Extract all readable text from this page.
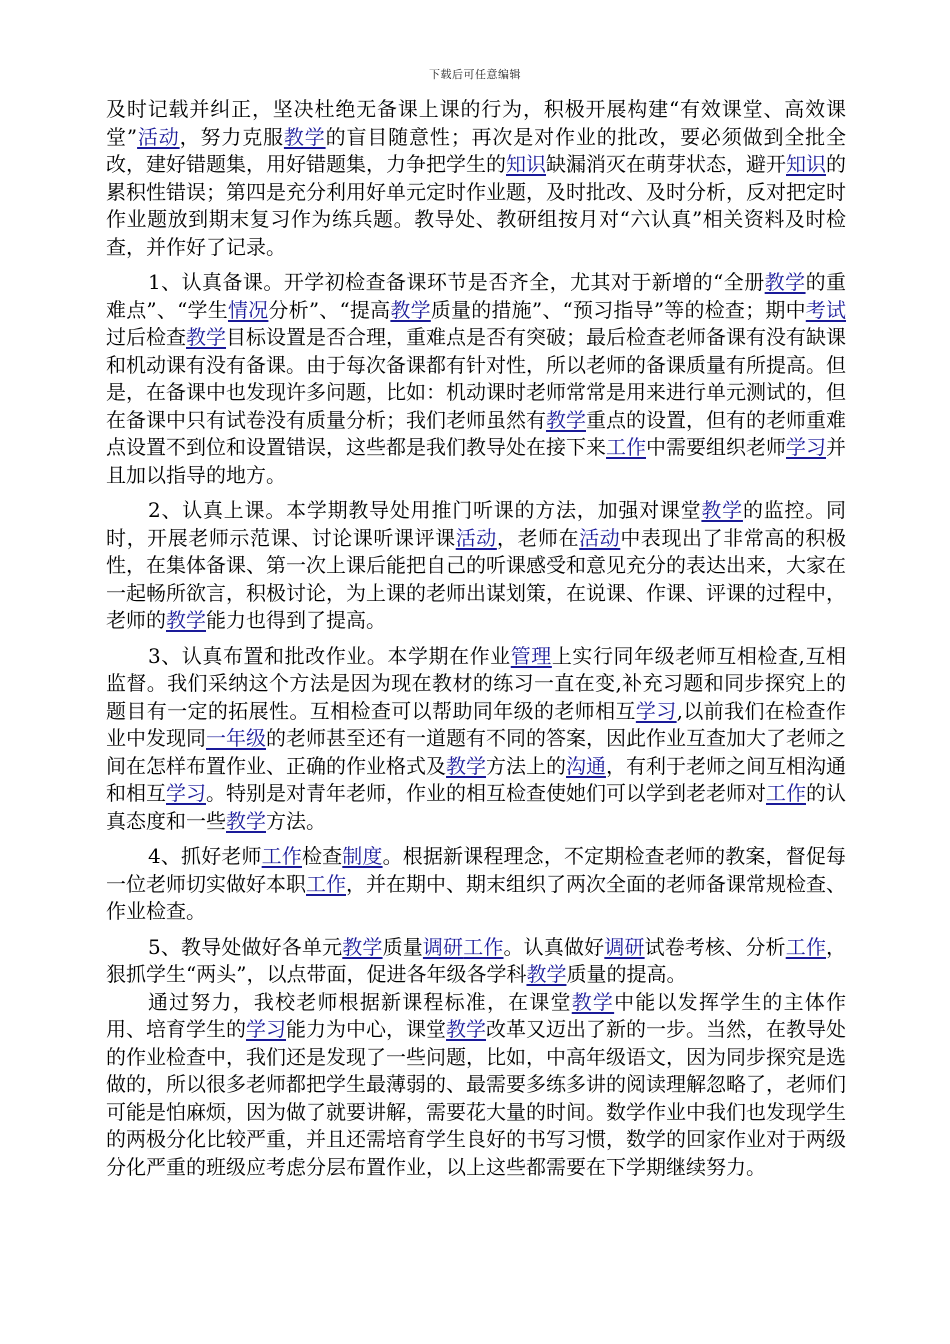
下载后可任意编辑

及时记载并纠正，坚决杜绝无备课上课的行为，积极开展构建“有效课堂、高效课堂”活动，努力克服教学的盲目随意性；再次是对作业的批改，要必须做到全批全改，建好错题集，用好错题集，力争把学生的知识缺漏消灭在萌芽状态，避开知识的累积性错误；第四是充分利用好单元定时作业题，及时批改、及时分析，反对把定时作业题放到期末复习作为练兵题。教导处、教研组按月对“六认真”相关资料及时检查，并作好了记录。

1、认真备课。开学初检查备课环节是否齐全，尤其对于新增的“全册教学的重难点”、“学生情况分析”、“提高教学质量的措施”、“预习指导”等的检查；期中考试过后检查教学目标设置是否合理，重难点是否有突破；最后检查老师备课有没有缺课和机动课有没有备课。由于每次备课都有针对性，所以老师的备课质量有所提高。但是，在备课中也发现许多问题，比如：机动课时老师常常是用来进行单元测试的，但在备课中只有试卷没有质量分析；我们老师虽然有教学重点的设置，但有的老师重难点设置不到位和设置错误，这些都是我们教导处在接下来工作中需要组织老师学习并且加以指导的地方。

2、认真上课。本学期教导处用推门听课的方法，加强对课堂教学的监控。同时，开展老师示范课、讨论课听课评课活动，老师在活动中表现出了非常高的积极性，在集体备课、第一次上课后能把自己的听课感受和意见充分的表达出来，大家在一起畅所欲言，积极讨论，为上课的老师出谋划策，在说课、作课、评课的过程中，老师的教学能力也得到了提高。

3、认真布置和批改作业。本学期在作业管理上实行同年级老师互相检查,互相监督。我们采纳这个方法是因为现在教材的练习一直在变,补充习题和同步探究上的题目有一定的拓展性。互相检查可以帮助同年级的老师相互学习,以前我们在检查作业中发现同一年级的老师甚至还有一道题有不同的答案，因此作业互查加大了老师之间在怎样布置作业、正确的作业格式及教学方法上的沟通，有利于老师之间互相沟通和相互学习。特别是对青年老师，作业的相互检查使她们可以学到老老师对工作的认真态度和一些教学方法。

4、抓好老师工作检查制度。根据新课程理念，不定期检查老师的教案，督促每一位老师切实做好本职工作，并在期中、期末组织了两次全面的老师备课常规检查、作业检查。

5、教导处做好各单元教学质量调研工作。认真做好调研试卷考核、分析工作，狠抓学生“两头”，以点带面，促进各年级各学科教学质量的提高。

通过努力，我校老师根据新课程标准，在课堂教学中能以发挥学生的主体作用、培育学生的学习能力为中心，课堂教学改革又迈出了新的一步。当然，在教导处的作业检查中，我们还是发现了一些问题，比如，中高年级语文，因为同步探究是选做的，所以很多老师都把学生最薄弱的、最需要多练多讲的阅读理解忽略了，老师们可能是怕麻烦，因为做了就要讲解，需要花大量的时间。数学作业中我们也发现学生的两极分化比较严重，并且还需培育学生良好的书写习惯，数学的回家作业对于两级分化严重的班级应考虑分层布置作业，以上这些都需要在下学期继续努力。
